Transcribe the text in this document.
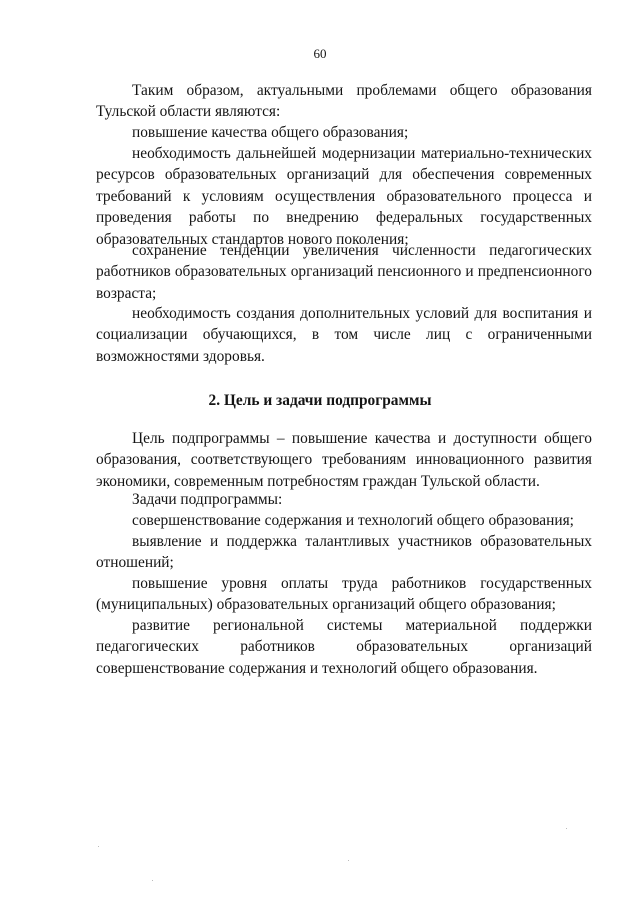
60
Таким образом, актуальными проблемами общего образования
Тульской области являются:
повышение качества общего образования;
необходимость дальнейшей модернизации материально-технических
ресурсов образовательных организаций для обеспечения современных
требований к условиям осуществления образовательного процесса и
проведения работы по внедрению федеральных государственных
образовательных стандартов нового поколения;
сохранение тенденции увеличения численности педагогических
работников образовательных организаций пенсионного и предпенсионного
возраста;
необходимость создания дополнительных условий для воспитания и
социализации обучающихся, в том числе лиц с ограниченными
возможностями здоровья.
2. Цель и задачи подпрограммы
Цель подпрограммы – повышение качества и доступности общего
образования, соответствующего требованиям инновационного развития
экономики, современным потребностям граждан Тульской области.
Задачи подпрограммы:
совершенствование содержания и технологий общего образования;
выявление и поддержка талантливых участников образовательных
отношений;
повышение уровня оплаты труда работников государственных
(муниципальных) образовательных организаций общего образования;
развитие региональной системы материальной поддержки
педагогических работников образовательных организаций
совершенствование содержания и технологий общего образования.
